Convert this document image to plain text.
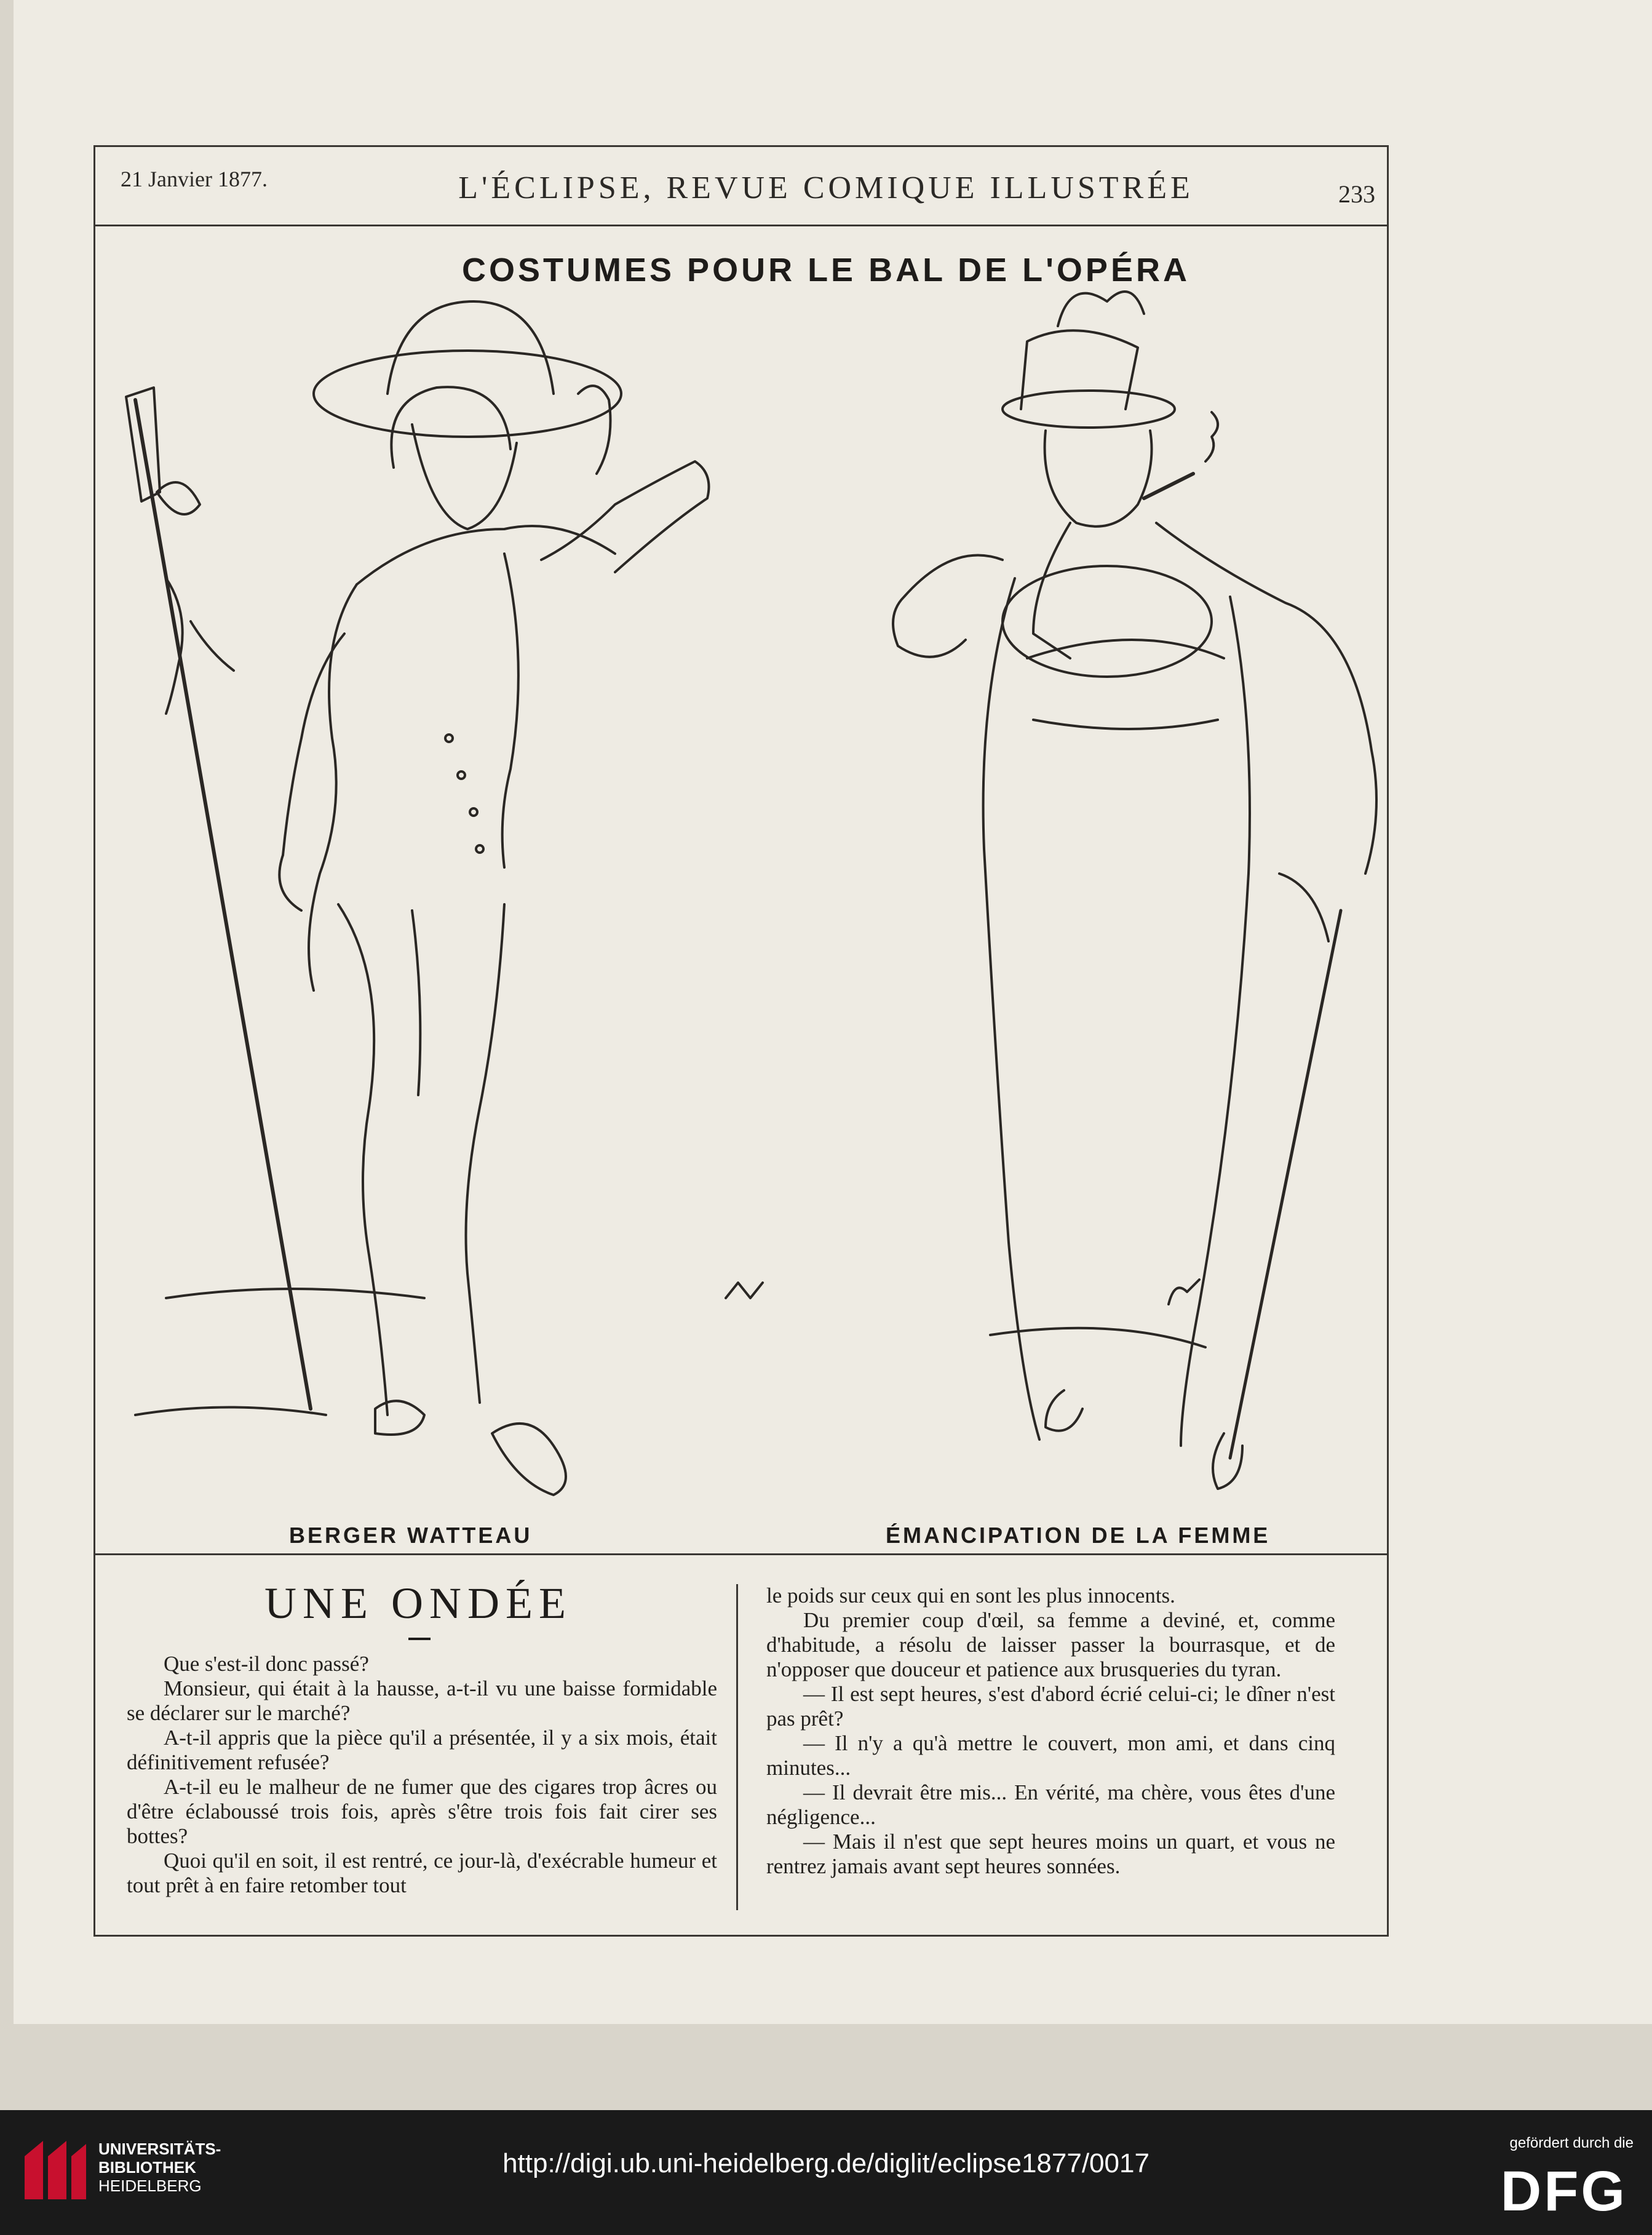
21 Janvier 1877.	L'ÉCLIPSE, REVUE COMIQUE ILLUSTRÉE	233
COSTUMES POUR LE BAL DE L'OPÉRA
BERGER WATTEAU	ÉMANCIPATION DE LA FEMME
UNE ONDÉE

Que s'est-il donc passé?

Monsieur, qui était à la hausse, a-t-il vu une baisse formidable se déclarer sur le marché?

A-t-il appris que la pièce qu'il a présentée, il y a six mois, était définitivement refusée?

A-t-il eu le malheur de ne fumer que des cigares trop âcres ou d'être éclaboussé trois fois, après s'être trois fois fait cirer ses bottes?

Quoi qu'il en soit, il est rentré, ce jour-là, d'exécrable humeur et tout prêt à en faire retomber tout

le poids sur ceux qui en sont les plus innocents.

Du premier coup d'œil, sa femme a deviné, et, comme d'habitude, a résolu de laisser passer la bourrasque, et de n'opposer que douceur et patience aux brusqueries du tyran.

— Il est sept heures, s'est d'abord écrié celui-ci; le dîner n'est pas prêt?

— Il n'y a qu'à mettre le couvert, mon ami, et dans cinq minutes...

— Il devrait être mis... En vérité, ma chère, vous êtes d'une négligence...

— Mais il n'est que sept heures moins un quart, et vous ne rentrez jamais avant sept heures sonnées.

UNIVERSITÄTS-
BIBLIOTHEK
HEIDELBERG
http://digi.ub.uni-heidelberg.de/diglit/eclipse1877/0017
gefördert durch die
DFG
